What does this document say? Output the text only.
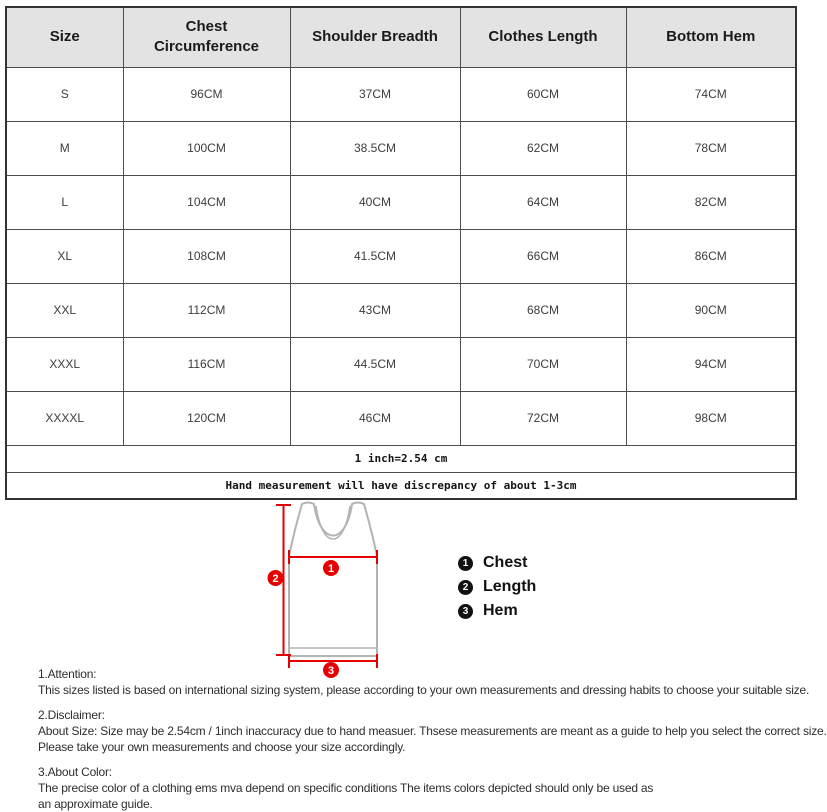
Size	Chest Circumference	Shoulder Breadth	Clothes Length	Bottom Hem
S	96CM	37CM	60CM	74CM
M	100CM	38.5CM	62CM	78CM
L	104CM	40CM	64CM	82CM
XL	108CM	41.5CM	66CM	86CM
XXL	112CM	43CM	68CM	90CM
XXXL	116CM	44.5CM	70CM	94CM
XXXXL	120CM	46CM	72CM	98CM
1 inch=2.54 cm				
Hand measurement will have discrepancy of about 1-3cm				
1
2
3
1 Chest
2 Length
3 Hem
1.Attention:
This sizes listed is based on international sizing system, please according to your own measurements and dressing habits to choose your suitable size.
2.Disclaimer:
About Size: Size may be 2.54cm / 1inch inaccuracy due to hand measuer. Thsese measurements are meant as a guide to help you select the correct size.
Please take your own measurements and choose your size accordingly.
3.About Color:
The precise color of a clothing ems mva depend on specific conditions The items colors depicted should only be used as
an approximate guide.
